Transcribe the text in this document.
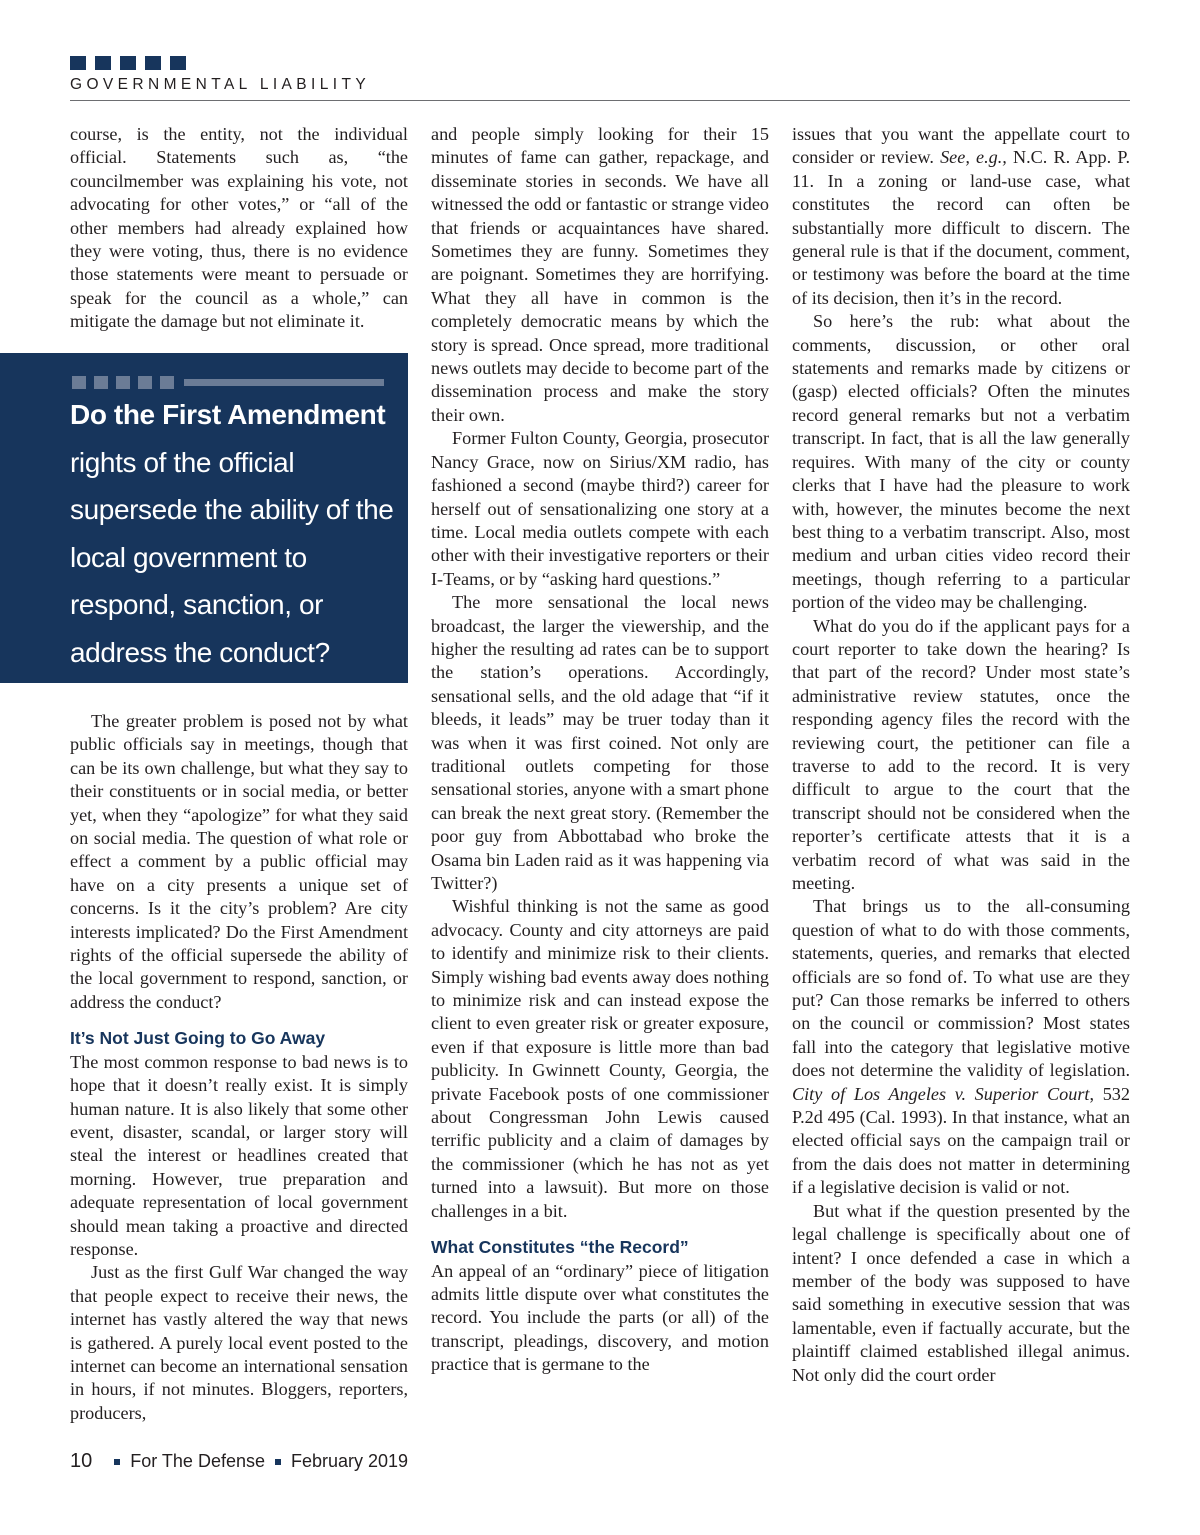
GOVERNMENTAL LIABILITY

course, is the entity, not the individual official. Statements such as, “the councilmember was explaining his vote, not advocating for other votes,” or “all of the other members had already explained how they were voting, thus, there is no evidence those statements were meant to persuade or speak for the council as a whole,” can mitigate the damage but not eliminate it.

Do the First Amendment
rights of the official supersede the ability of the local government to respond, sanction, or address the conduct?

The greater problem is posed not by what public officials say in meetings, though that can be its own challenge, but what they say to their constituents or in social media, or better yet, when they “apologize” for what they said on social media. The question of what role or effect a comment by a public official may have on a city presents a unique set of concerns. Is it the city’s problem? Are city interests implicated? Do the First Amendment rights of the official supersede the ability of the local government to respond, sanction, or address the conduct?

It’s Not Just Going to Go Away

The most common response to bad news is to hope that it doesn’t really exist. It is simply human nature. It is also likely that some other event, disaster, scandal, or larger story will steal the interest or headlines created that morning. However, true preparation and adequate representation of local government should mean taking a proactive and directed response.

Just as the first Gulf War changed the way that people expect to receive their news, the internet has vastly altered the way that news is gathered. A purely local event posted to the internet can become an international sensation in hours, if not minutes. Bloggers, reporters, producers,

and people simply looking for their 15 minutes of fame can gather, repackage, and disseminate stories in seconds. We have all witnessed the odd or fantastic or strange video that friends or acquaintances have shared. Sometimes they are funny. Sometimes they are poignant. Sometimes they are horrifying. What they all have in common is the completely democratic means by which the story is spread. Once spread, more traditional news outlets may decide to become part of the dissemination process and make the story their own.

Former Fulton County, Georgia, prosecutor Nancy Grace, now on Sirius/XM radio, has fashioned a second (maybe third?) career for herself out of sensationalizing one story at a time. Local media outlets compete with each other with their investigative reporters or their I-Teams, or by “asking hard questions.”

The more sensational the local news broadcast, the larger the viewership, and the higher the resulting ad rates can be to support the station’s operations. Accordingly, sensational sells, and the old adage that “if it bleeds, it leads” may be truer today than it was when it was first coined. Not only are traditional outlets competing for those sensational stories, anyone with a smart phone can break the next great story. (Remember the poor guy from Abbottabad who broke the Osama bin Laden raid as it was happening via Twitter?)

Wishful thinking is not the same as good advocacy. County and city attorneys are paid to identify and minimize risk to their clients. Simply wishing bad events away does nothing to minimize risk and can instead expose the client to even greater risk or greater exposure, even if that exposure is little more than bad publicity. In Gwinnett County, Georgia, the private Facebook posts of one commissioner about Congressman John Lewis caused terrific publicity and a claim of damages by the commissioner (which he has not as yet turned into a lawsuit). But more on those challenges in a bit.

What Constitutes “the Record”

An appeal of an “ordinary” piece of litigation admits little dispute over what constitutes the record. You include the parts (or all) of the transcript, pleadings, discovery, and motion practice that is germane to the

issues that you want the appellate court to consider or review. See, e.g., N.C. R. App. P. 11. In a zoning or land-use case, what constitutes the record can often be substantially more difficult to discern. The general rule is that if the document, comment, or testimony was before the board at the time of its decision, then it’s in the record.

So here’s the rub: what about the comments, discussion, or other oral statements and remarks made by citizens or (gasp) elected officials? Often the minutes record general remarks but not a verbatim transcript. In fact, that is all the law generally requires. With many of the city or county clerks that I have had the pleasure to work with, however, the minutes become the next best thing to a verbatim transcript. Also, most medium and urban cities video record their meetings, though referring to a particular portion of the video may be challenging.

What do you do if the applicant pays for a court reporter to take down the hearing? Is that part of the record? Under most state’s administrative review statutes, once the responding agency files the record with the reviewing court, the petitioner can file a traverse to add to the record. It is very difficult to argue to the court that the transcript should not be considered when the reporter’s certificate attests that it is a verbatim record of what was said in the meeting.

That brings us to the all-consuming question of what to do with those comments, statements, queries, and remarks that elected officials are so fond of. To what use are they put? Can those remarks be inferred to others on the council or commission? Most states fall into the category that legislative motive does not determine the validity of legislation. City of Los Angeles v. Superior Court, 532 P.2d 495 (Cal. 1993). In that instance, what an elected official says on the campaign trail or from the dais does not matter in determining if a legislative decision is valid or not.

But what if the question presented by the legal challenge is specifically about one of intent? I once defended a case in which a member of the body was supposed to have said something in executive session that was lamentable, even if factually accurate, but the plaintiff claimed established illegal animus. Not only did the court order

10 For The Defense February 2019
